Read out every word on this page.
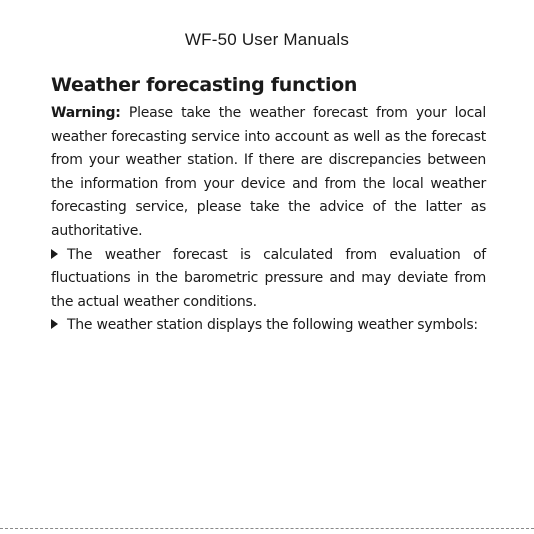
WF-50 User Manuals
Weather forecasting function

Warning: Please take the weather forecast from your local weather forecasting service into account as well as the forecast from your weather station. If there are discrepancies between the information from your device and from the local weather forecasting service, please take the advice of the latter as authoritative.

The weather forecast is calculated from evaluation of fluctuations in the barometric pressure and may deviate from the actual weather conditions.

The weather station displays the following weather symbols:
